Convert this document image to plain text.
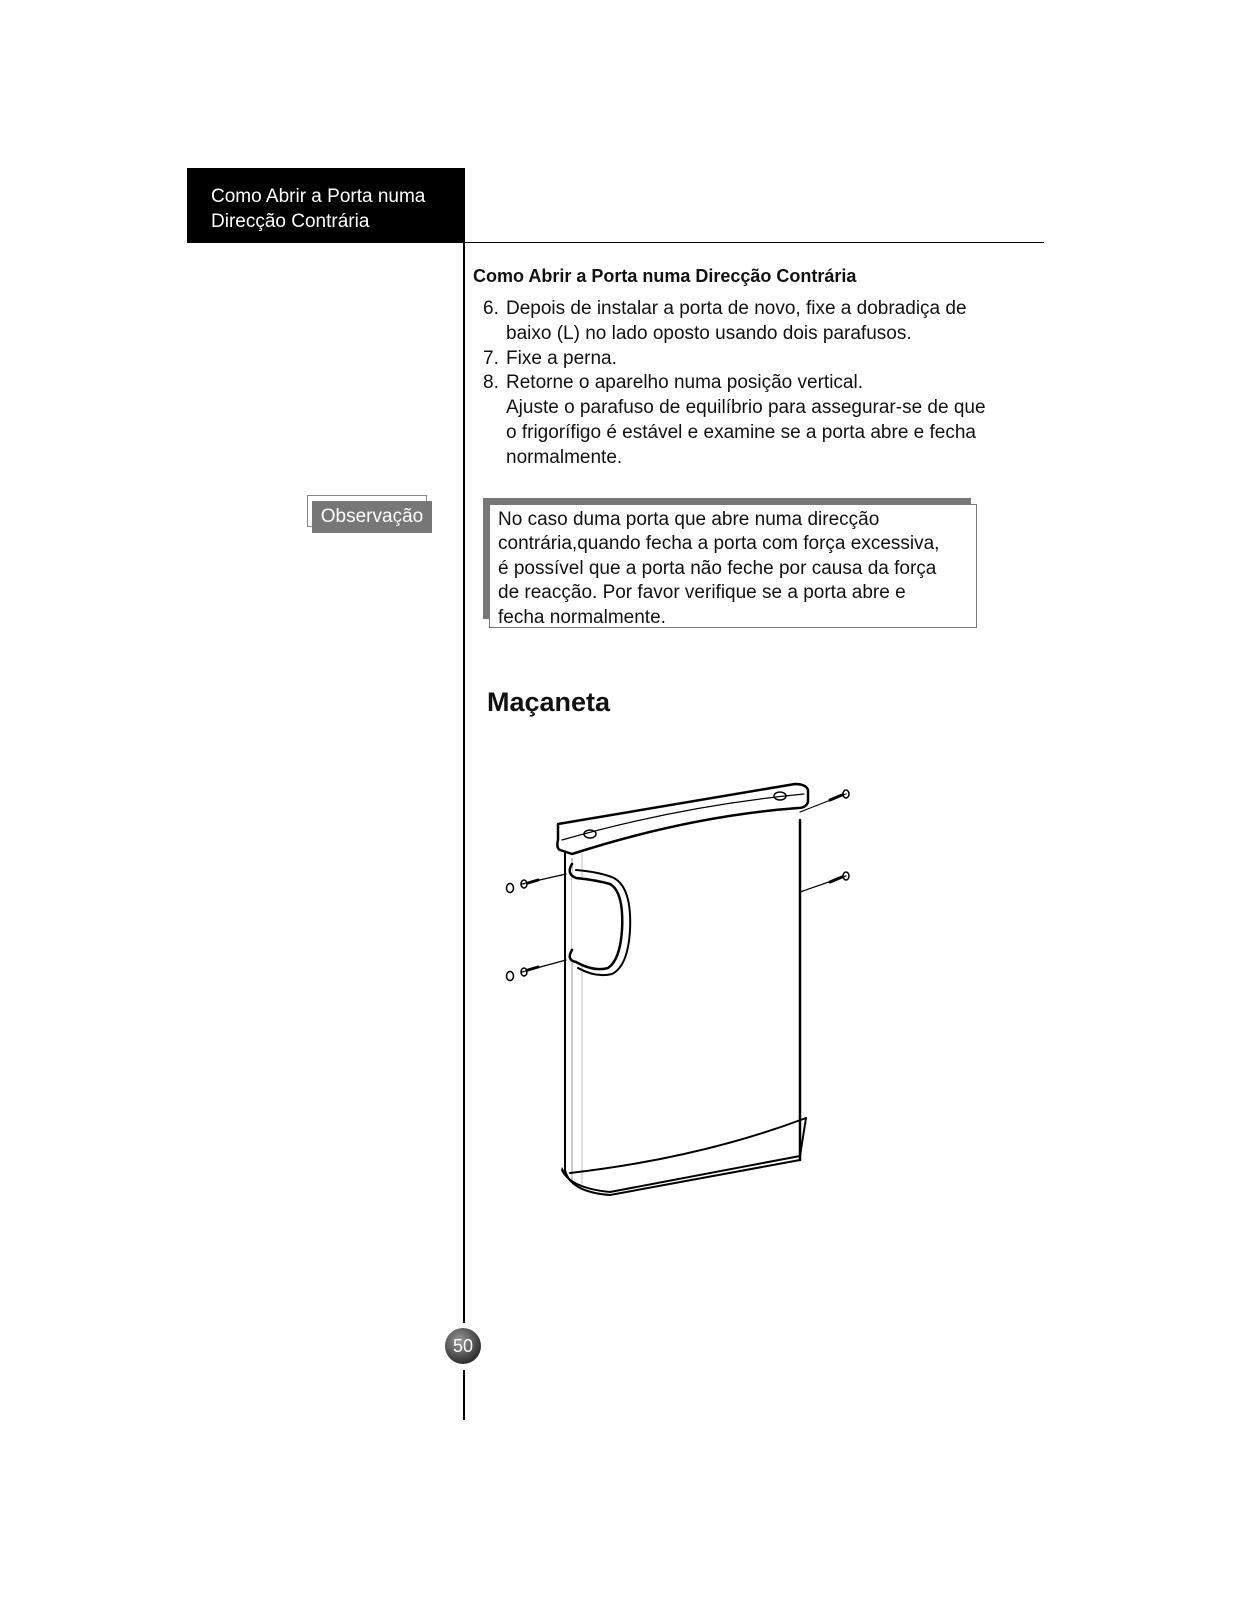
Como Abrir a Porta numa
Direcção Contrária
Como Abrir a Porta numa Direcção Contrária
6. Depois de instalar a porta de novo, fixe a dobradiça de
baixo (L) no lado oposto usando dois parafusos.
7. Fixe a perna.
8. Retorne o aparelho numa posição vertical.
Ajuste o parafuso de equilíbrio para assegurar-se de que
o frigorífigo é estável e examine se a porta abre e fecha
normalmente.
Observação	No caso duma porta que abre numa direcção
contrária,quando fecha a porta com força excessiva,
é possível que a porta não feche por causa da força
de reacção. Por favor verifique se a porta abre e
fecha normalmente.
Maçaneta
50
